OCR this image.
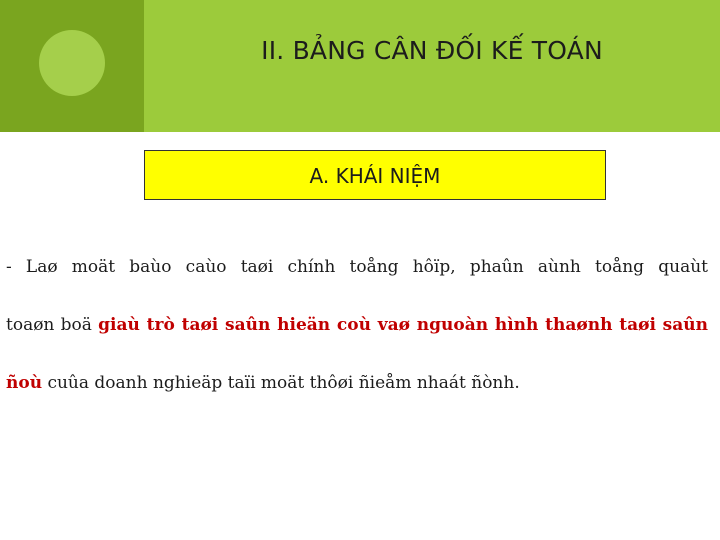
II. BẢNG CÂN ĐỐI KẾ TOÁN
A. KHÁI NIỆM
- Laø moät baùo caùo taøi chính toång hôïp, phaûn aùnh toång quaùt
toaøn boä giaù trò taøi saûn hieän coù vaø nguoàn hình thaønh taøi saûn
ñoù cuûa doanh nghieäp taïi moät thôøi ñieåm nhaát ñònh.
